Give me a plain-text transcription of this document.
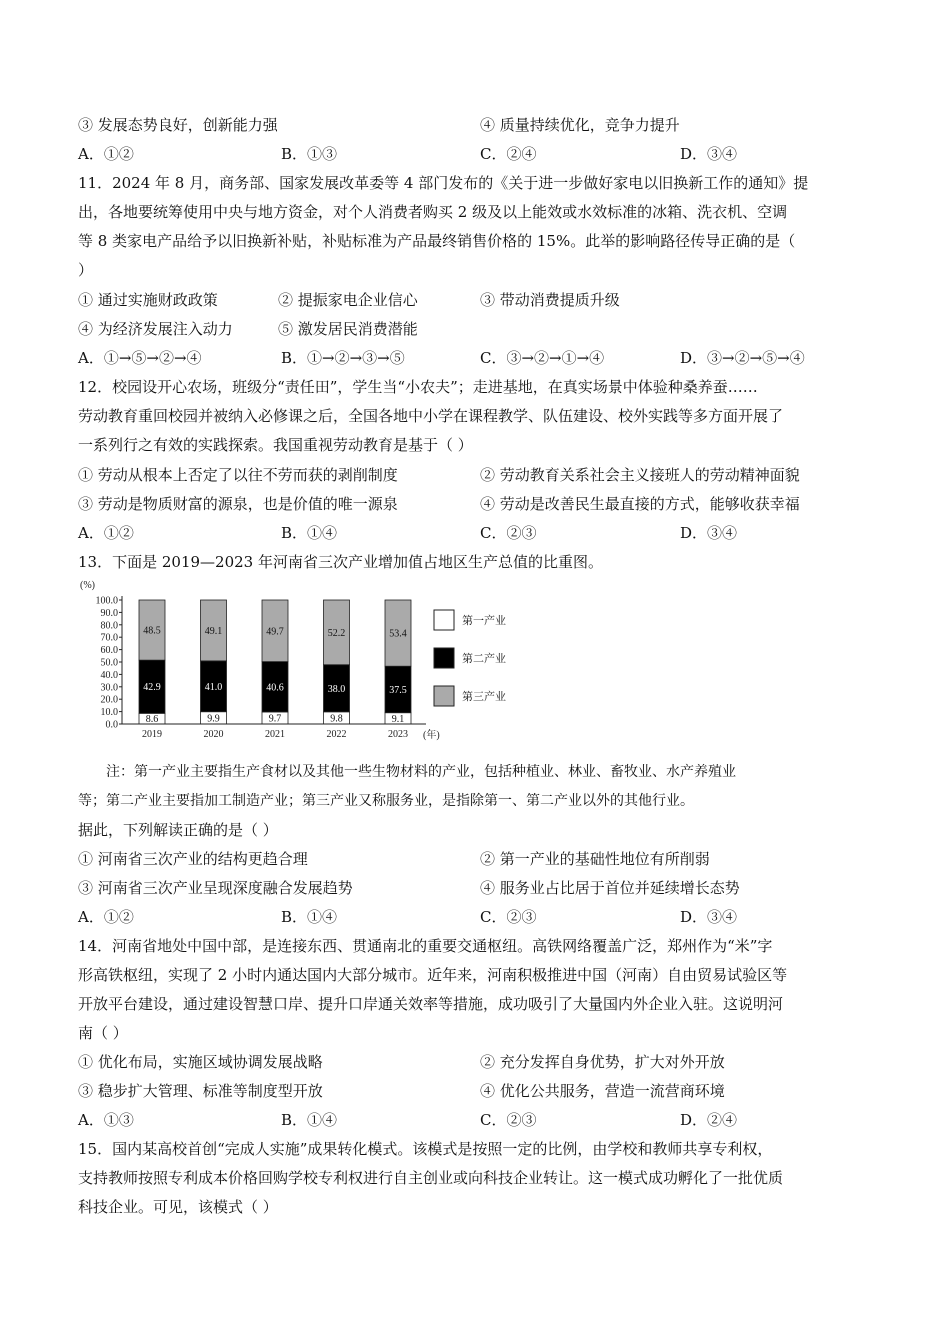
③ 发展态势良好，创新能力强	④ 质量持续优化，竞争力提升
A．①②	B．①③	C．②④	D．③④
11．2024 年 8 月，商务部、国家发展改革委等 4 部门发布的《关于进一步做好家电以旧换新工作的通知》提
出，各地要统筹使用中央与地方资金，对个人消费者购买 2 级及以上能效或水效标准的冰箱、洗衣机、空调
等 8 类家电产品给予以旧换新补贴，补贴标准为产品最终销售价格的 15%。此举的影响路径传导正确的是（
）
① 通过实施财政政策	② 提振家电企业信心	③ 带动消费提质升级
④ 为经济发展注入动力	⑤ 激发居民消费潜能
A．①→⑤→②→④	B．①→②→③→⑤	C．③→②→①→④	D．③→②→⑤→④
12．校园设开心农场，班级分“责任田”，学生当“小农夫”；走进基地，在真实场景中体验种桑养蚕……
劳动教育重回校园并被纳入必修课之后，全国各地中小学在课程教学、队伍建设、校外实践等多方面开展了
一系列行之有效的实践探索。我国重视劳动教育是基于（ ）
① 劳动从根本上否定了以往不劳而获的剥削制度	② 劳动教育关系社会主义接班人的劳动精神面貌
③ 劳动是物质财富的源泉，也是价值的唯一源泉	④ 劳动是改善民生最直接的方式，能够收获幸福
A．①②	B．①④	C．②③	D．③④
13．下面是 2019—2023 年河南省三次产业增加值占地区生产总值的比重图。
(%)
0.0
10.0
20.0
30.0
40.0
50.0
60.0
70.0
80.0
90.0
100.0
8.6
42.9
48.5
9.9
41.0
49.1
9.7
40.6
49.7
9.8
38.0
52.2
9.1
37.5
53.4
(年)
2019	2020	2021	2022	2023
第一产业
第二产业
第三产业
注：第一产业主要指生产食材以及其他一些生物材料的产业，包括种植业、林业、畜牧业、水产养殖业
等；第二产业主要指加工制造产业；第三产业又称服务业，是指除第一、第二产业以外的其他行业。
据此，下列解读正确的是（ ）
① 河南省三次产业的结构更趋合理	② 第一产业的基础性地位有所削弱
③ 河南省三次产业呈现深度融合发展趋势	④ 服务业占比居于首位并延续增长态势
A．①②	B．①④	C．②③	D．③④
14．河南省地处中国中部，是连接东西、贯通南北的重要交通枢纽。高铁网络覆盖广泛，郑州作为“米”字
形高铁枢纽，实现了 2 小时内通达国内大部分城市。近年来，河南积极推进中国（河南）自由贸易试验区等
开放平台建设，通过建设智慧口岸、提升口岸通关效率等措施，成功吸引了大量国内外企业入驻。这说明河
南（ ）
① 优化布局，实施区域协调发展战略	② 充分发挥自身优势，扩大对外开放
③ 稳步扩大管理、标准等制度型开放	④ 优化公共服务，营造一流营商环境
A．①③	B．①④	C．②③	D．②④
15．国内某高校首创“完成人实施”成果转化模式。该模式是按照一定的比例，由学校和教师共享专利权，
支持教师按照专利成本价格回购学校专利权进行自主创业或向科技企业转让。这一模式成功孵化了一批优质
科技企业。可见，该模式（ ）
